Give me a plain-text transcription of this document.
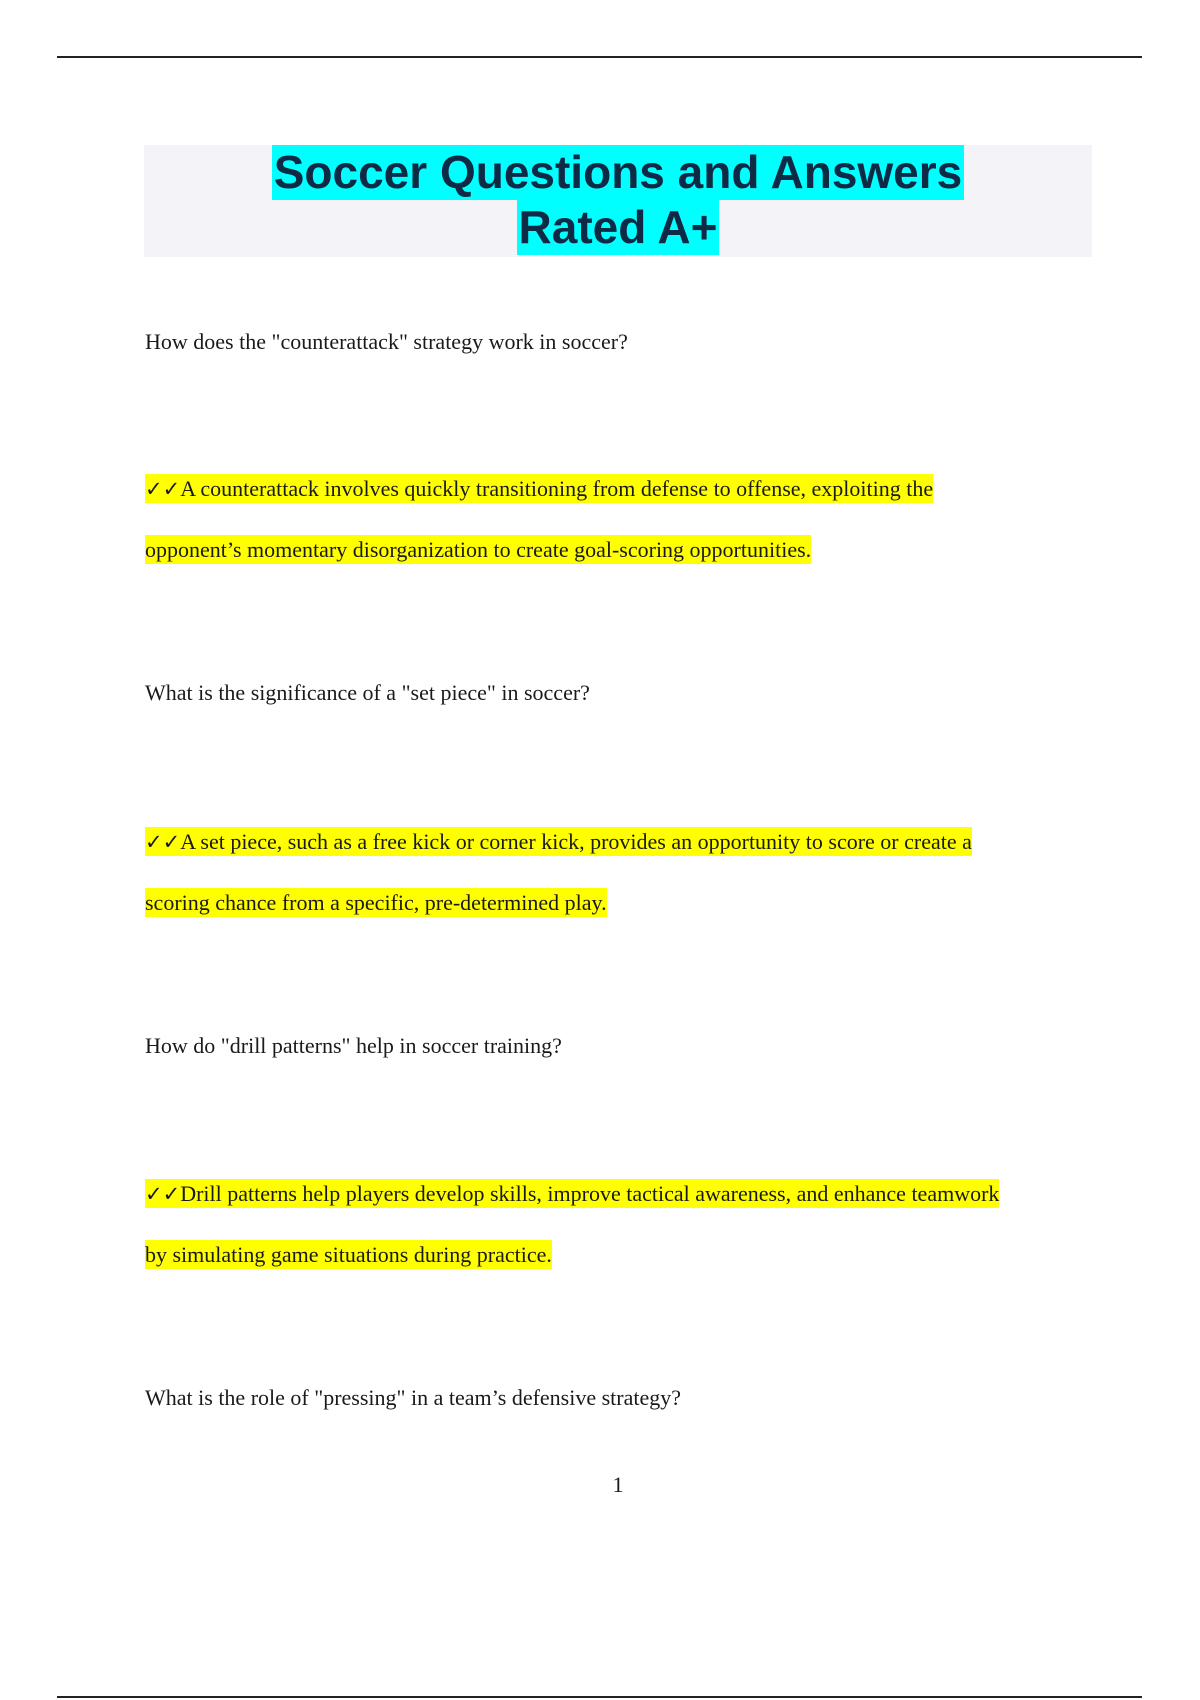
Soccer Questions and Answers
Rated A+
How does the "counterattack" strategy work in soccer?
✓✓A counterattack involves quickly transitioning from defense to offense, exploiting the
opponent’s momentary disorganization to create goal-scoring opportunities.
What is the significance of a "set piece" in soccer?
✓✓A set piece, such as a free kick or corner kick, provides an opportunity to score or create a
scoring chance from a specific, pre-determined play.
How do "drill patterns" help in soccer training?
✓✓Drill patterns help players develop skills, improve tactical awareness, and enhance teamwork
by simulating game situations during practice.
What is the role of "pressing" in a team’s defensive strategy?
1
